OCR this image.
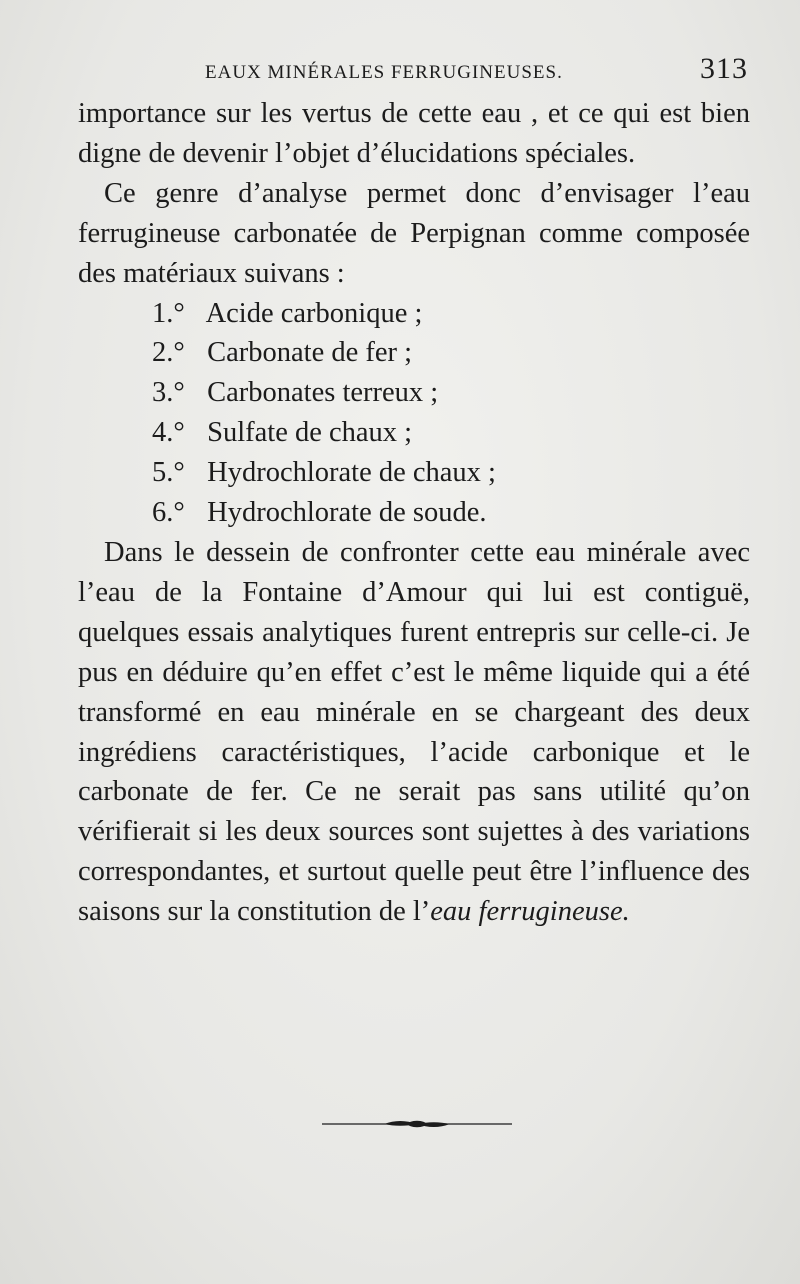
EAUX MINÉRALES FERRUGINEUSES.	313

importance sur les vertus de cette eau , et ce qui est bien digne de devenir l’objet d’élucidations spéciales.

Ce genre d’analyse permet donc d’envisager l’eau ferrugineuse carbonatée de Perpignan comme composée des matériaux suivans :

1.° Acide carbonique ;
2.° Carbonate de fer ;
3.° Carbonates terreux ;
4.° Sulfate de chaux ;
5.° Hydrochlorate de chaux ;
6.° Hydrochlorate de soude.

Dans le dessein de confronter cette eau minérale avec l’eau de la Fontaine d’Amour qui lui est contiguë, quelques essais analytiques furent entrepris sur celle-ci. Je pus en déduire qu’en effet c’est le même liquide qui a été transformé en eau minérale en se chargeant des deux ingrédiens caractéristiques, l’acide carbonique et le carbonate de fer. Ce ne serait pas sans utilité qu’on vérifierait si les deux sources sont sujettes à des variations correspondantes, et surtout quelle peut être l’influence des saisons sur la constitution de l’eau ferrugineuse.
